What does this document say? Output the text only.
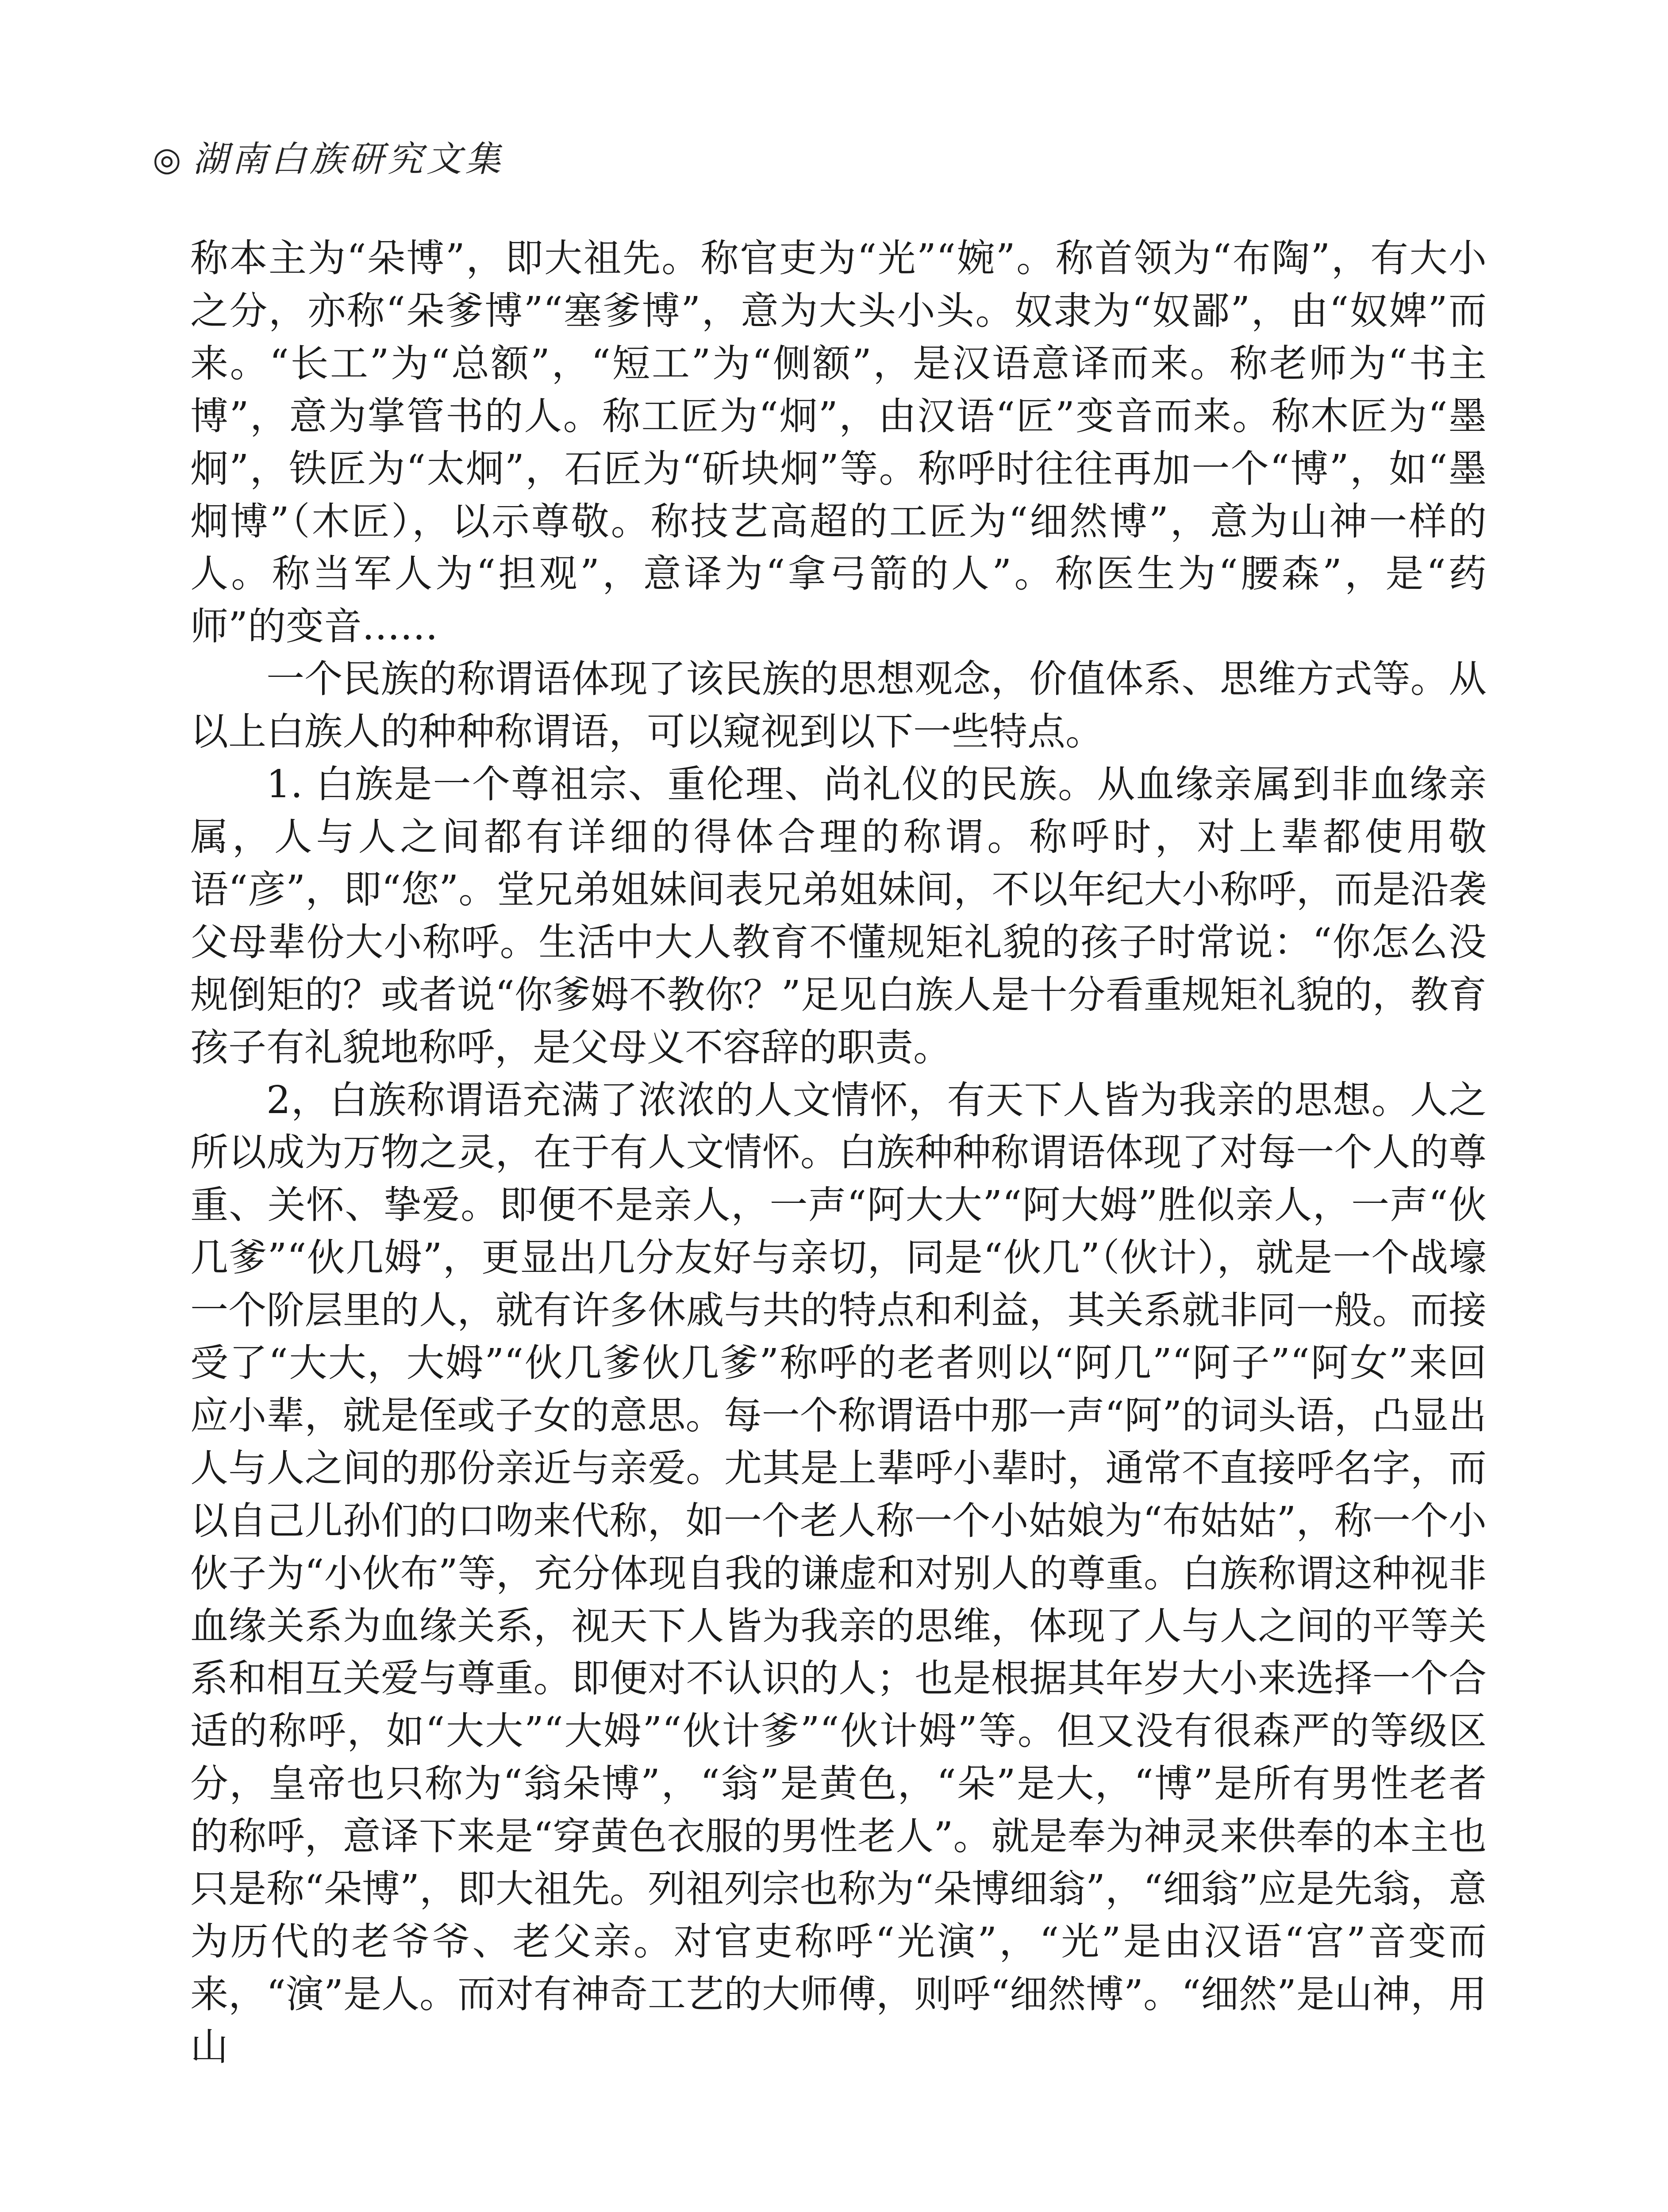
◎ 湖南白族研究文集

称本主为“朵博”，即大祖先。称官吏为“光”“婉”。称首领为“布陶”，有大小之分，亦称“朵爹博”“塞爹博”，意为大头小头。奴隶为“奴鄙”，由“奴婢”而来。“长工”为“总额”，“短工”为“侧额”，是汉语意译而来。称老师为“书主博”，意为掌管书的人。称工匠为“炯”，由汉语“匠”变音而来。称木匠为“墨炯”，铁匠为“太炯”，石匠为“斫块炯”等。称呼时往往再加一个“博”，如“墨炯博”（木匠），以示尊敬。称技艺高超的工匠为“细然博”，意为山神一样的人。称当军人为“担观”，意译为“拿弓箭的人”。称医生为“腰森”，是“药师”的变音……

一个民族的称谓语体现了该民族的思想观念，价值体系、思维方式等。从以上白族人的种种称谓语，可以窥视到以下一些特点。

1. 白族是一个尊祖宗、重伦理、尚礼仪的民族。从血缘亲属到非血缘亲属，人与人之间都有详细的得体合理的称谓。称呼时，对上辈都使用敬语“彦”，即“您”。堂兄弟姐妹间表兄弟姐妹间，不以年纪大小称呼，而是沿袭父母辈份大小称呼。生活中大人教育不懂规矩礼貌的孩子时常说：“你怎么没规倒矩的？或者说“你爹姆不教你？”足见白族人是十分看重规矩礼貌的，教育孩子有礼貌地称呼，是父母义不容辞的职责。

2，白族称谓语充满了浓浓的人文情怀，有天下人皆为我亲的思想。人之所以成为万物之灵，在于有人文情怀。白族种种称谓语体现了对每一个人的尊重、关怀、挚爱。即便不是亲人，一声“阿大大”“阿大姆”胜似亲人，一声“伙几爹”“伙几姆”，更显出几分友好与亲切，同是“伙几”（伙计），就是一个战壕一个阶层里的人，就有许多休戚与共的特点和利益，其关系就非同一般。而接受了“大大，大姆”“伙几爹伙几爹”称呼的老者则以“阿几”“阿子”“阿女”来回应小辈，就是侄或子女的意思。每一个称谓语中那一声“阿”的词头语，凸显出人与人之间的那份亲近与亲爱。尤其是上辈呼小辈时，通常不直接呼名字，而以自己儿孙们的口吻来代称，如一个老人称一个小姑娘为“布姑姑”，称一个小伙子为“小伙布”等，充分体现自我的谦虚和对别人的尊重。白族称谓这种视非血缘关系为血缘关系，视天下人皆为我亲的思维，体现了人与人之间的平等关系和相互关爱与尊重。即便对不认识的人；也是根据其年岁大小来选择一个合适的称呼，如“大大”“大姆”“伙计爹”“伙计姆”等。但又没有很森严的等级区分，皇帝也只称为“翁朵博”，“翁”是黄色，“朵”是大，“博”是所有男性老者的称呼，意译下来是“穿黄色衣服的男性老人”。就是奉为神灵来供奉的本主也只是称“朵博”，即大祖先。列祖列宗也称为“朵博细翁”，“细翁”应是先翁，意为历代的老爷爷、老父亲。对官吏称呼“光演”，“光”是由汉语“宫”音变而来，“演”是人。而对有神奇工艺的大师傅，则呼“细然博”。“细然”是山神，用山
